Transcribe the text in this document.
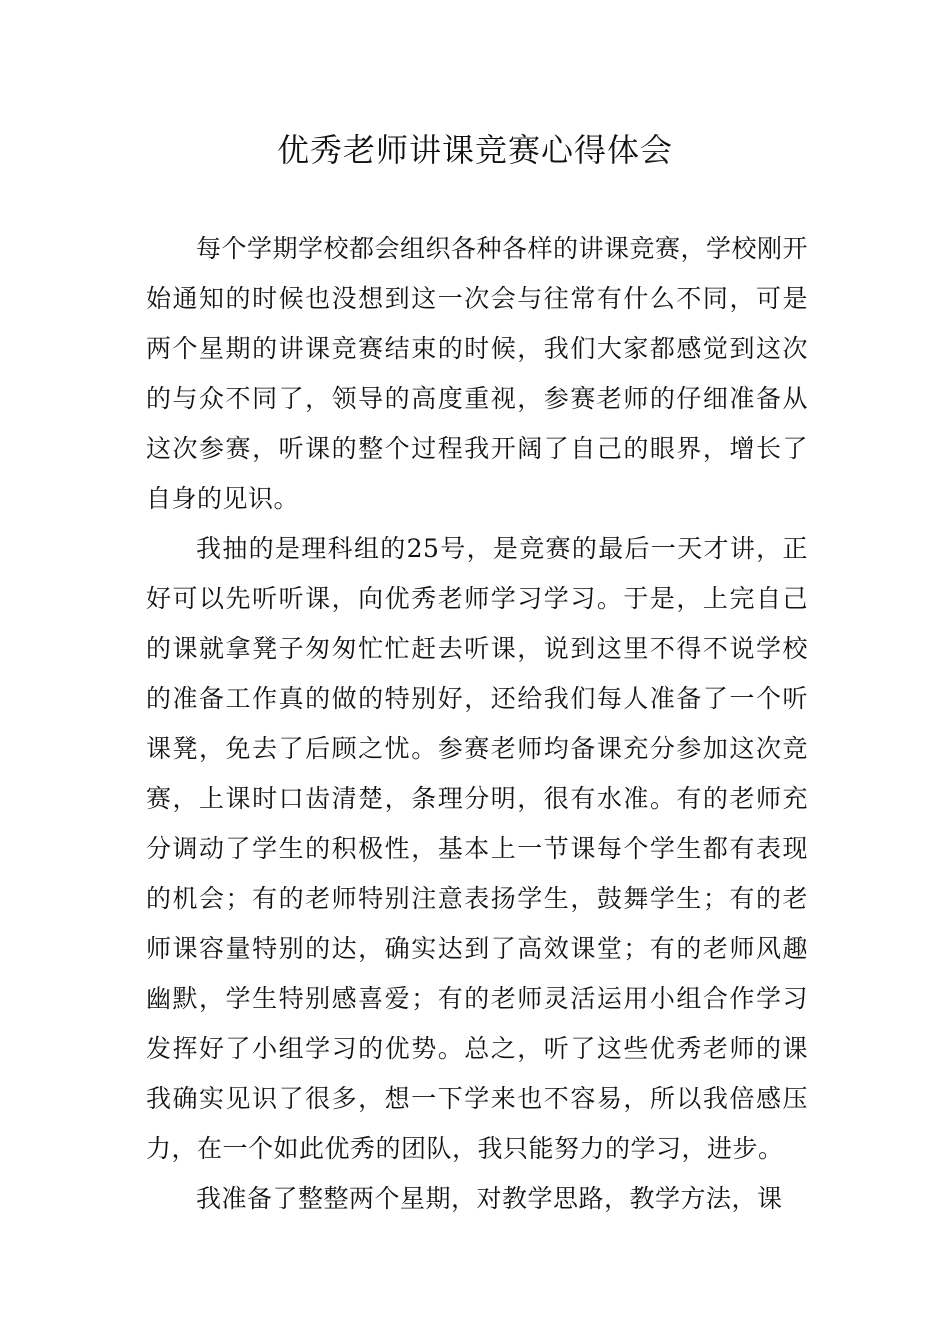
优秀老师讲课竞赛心得体会

每个学期学校都会组织各种各样的讲课竞赛，学校刚开始通知的时候也没想到这一次会与往常有什么不同，可是两个星期的讲课竞赛结束的时候，我们大家都感觉到这次的与众不同了，领导的高度重视，参赛老师的仔细准备从这次参赛，听课的整个过程我开阔了自己的眼界，增长了自身的见识。

我抽的是理科组的25号，是竞赛的最后一天才讲，正好可以先听听课，向优秀老师学习学习。于是，上完自己的课就拿凳子匆匆忙忙赶去听课，说到这里不得不说学校的准备工作真的做的特别好，还给我们每人准备了一个听课凳，免去了后顾之忧。参赛老师均备课充分参加这次竞赛，上课时口齿清楚，条理分明，很有水准。有的老师充分调动了学生的积极性，基本上一节课每个学生都有表现的机会；有的老师特别注意表扬学生，鼓舞学生；有的老师课容量特别的达，确实达到了高效课堂；有的老师风趣幽默，学生特别感喜爱；有的老师灵活运用小组合作学习发挥好了小组学习的优势。总之，听了这些优秀老师的课我确实见识了很多，想一下学来也不容易，所以我倍感压力，在一个如此优秀的团队，我只能努力的学习，进步。

我准备了整整两个星期，对教学思路，教学方法，课
